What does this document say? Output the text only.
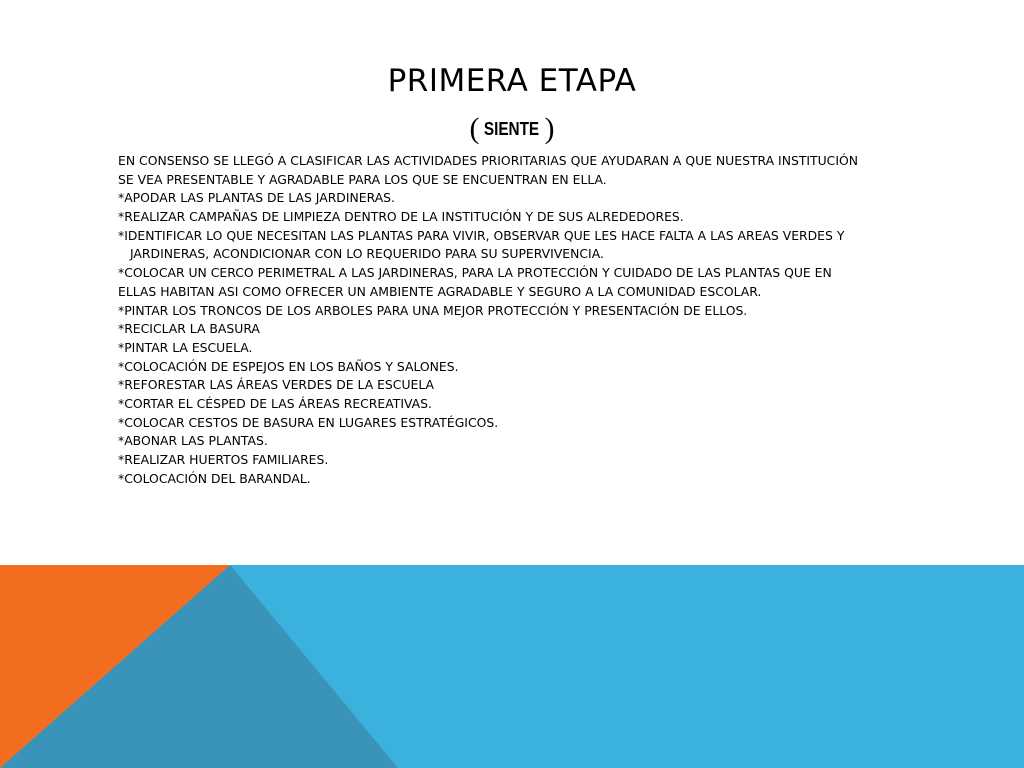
PRIMERA ETAPA
( SIENTE )
EN CONSENSO SE LLEGÓ A CLASIFICAR LAS ACTIVIDADES PRIORITARIAS QUE AYUDARAN A QUE NUESTRA INSTITUCIÓN
SE VEA PRESENTABLE Y AGRADABLE PARA LOS QUE SE ENCUENTRAN EN ELLA.
*APODAR LAS PLANTAS DE LAS JARDINERAS.
*REALIZAR CAMPAÑAS DE LIMPIEZA DENTRO DE LA INSTITUCIÓN Y DE SUS ALREDEDORES.
*IDENTIFICAR LO QUE NECESITAN LAS PLANTAS PARA VIVIR, OBSERVAR QUE LES HACE FALTA A LAS AREAS VERDES Y
JARDINERAS, ACONDICIONAR CON LO REQUERIDO PARA SU SUPERVIVENCIA.
*COLOCAR UN CERCO PERIMETRAL A LAS JARDINERAS, PARA LA PROTECCIÓN Y CUIDADO DE LAS PLANTAS QUE EN
ELLAS HABITAN ASI COMO OFRECER UN AMBIENTE AGRADABLE Y SEGURO A LA COMUNIDAD ESCOLAR.
*PINTAR LOS TRONCOS DE LOS ARBOLES PARA UNA MEJOR PROTECCIÓN Y PRESENTACIÓN DE ELLOS.
*RECICLAR LA BASURA
*PINTAR LA ESCUELA.
*COLOCACIÓN DE ESPEJOS EN LOS BAÑOS Y SALONES.
*REFORESTAR LAS ÁREAS VERDES DE LA ESCUELA
*CORTAR EL CÉSPED DE LAS ÁREAS RECREATIVAS.
*COLOCAR CESTOS DE BASURA EN LUGARES ESTRATÉGICOS.
*ABONAR LAS PLANTAS.
*REALIZAR HUERTOS FAMILIARES.
*COLOCACIÓN DEL BARANDAL.
